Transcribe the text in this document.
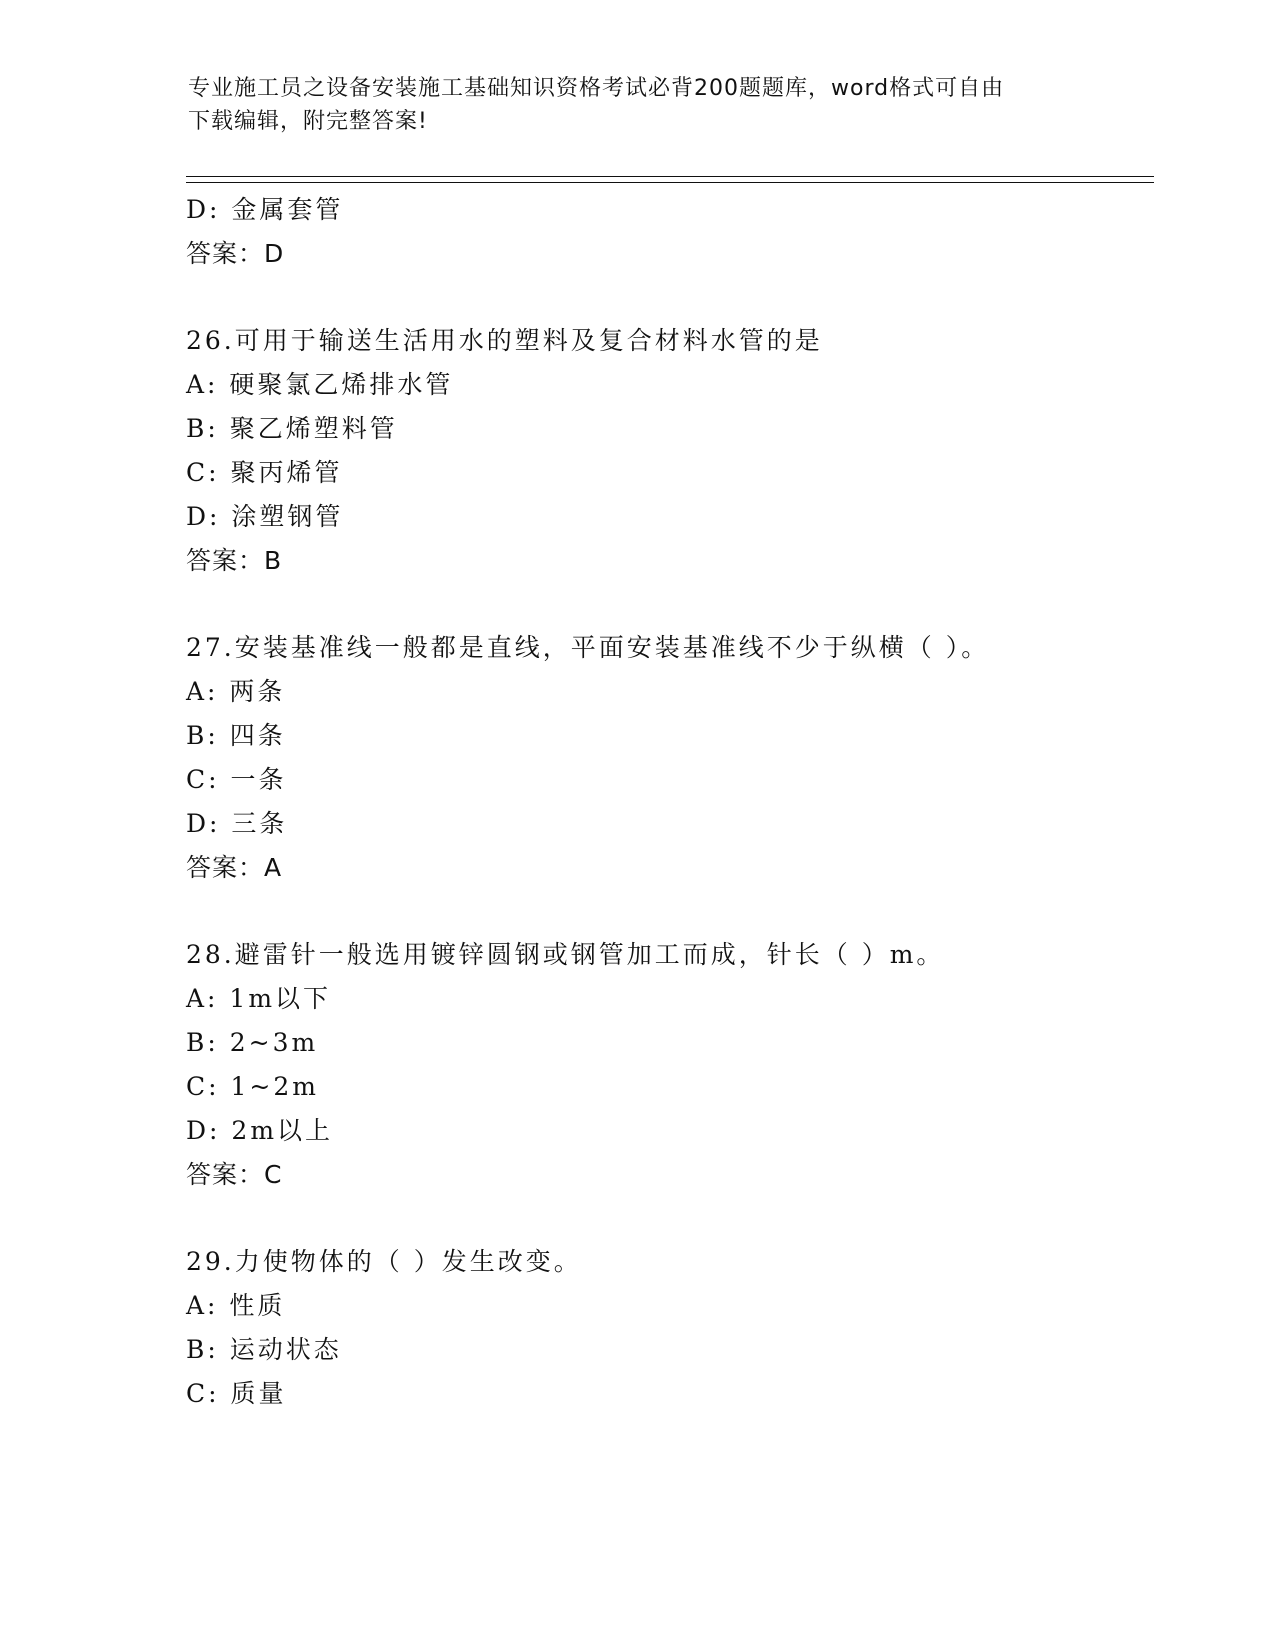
专业施工员之设备安装施工基础知识资格考试必背200题题库，word格式可自由
下载编辑，附完整答案!
D: 金属套管
答案：D
26.可用于输送生活用水的塑料及复合材料水管的是
A: 硬聚氯乙烯排水管
B: 聚乙烯塑料管
C: 聚丙烯管
D: 涂塑钢管
答案：B
27.安装基准线一般都是直线，平面安装基准线不少于纵横（ ）。
A: 两条
B: 四条
C: 一条
D: 三条
答案：A
28.避雷针一般选用镀锌圆钢或钢管加工而成，针长（ ）m。
A: 1m以下
B: 2~3m
C: 1~2m
D: 2m以上
答案：C
29.力使物体的（ ）发生改变。
A: 性质
B: 运动状态
C: 质量
